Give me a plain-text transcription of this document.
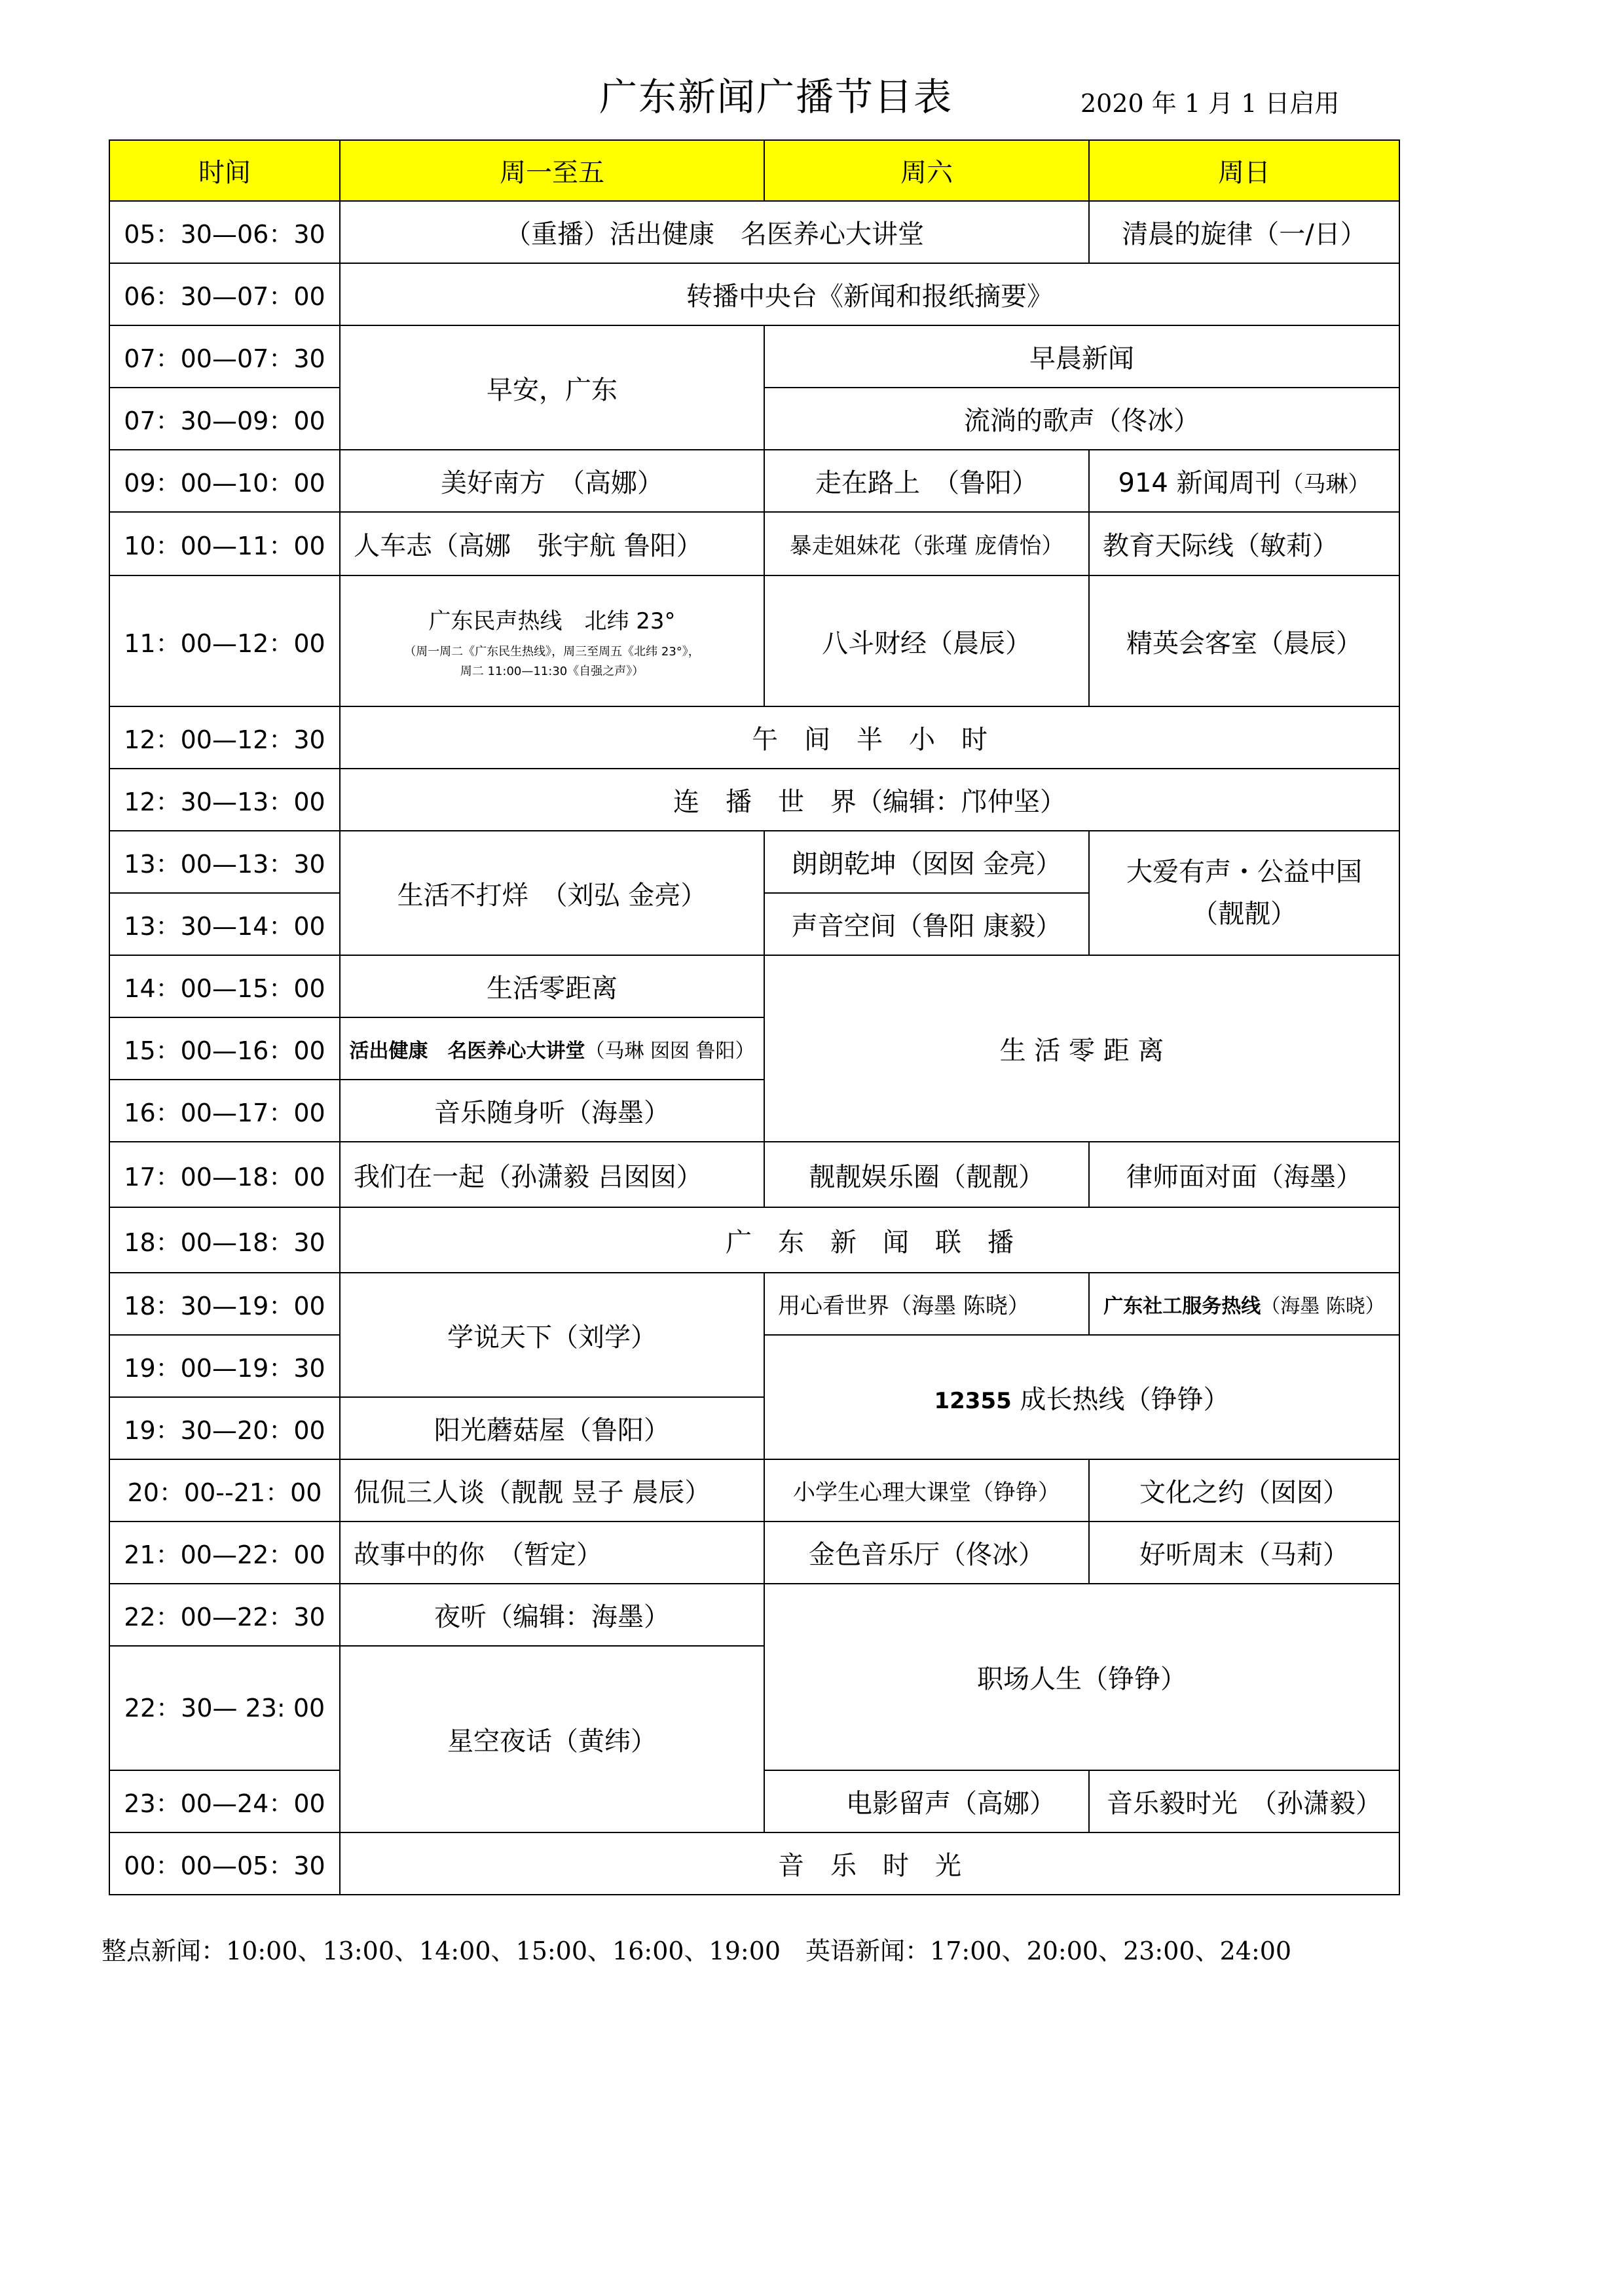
广东新闻广播节目表	2020 年 1 月 1 日启用
时间	周一至五	周六	周日
05：30—06：30	（重播）活出健康　名医养心大讲堂		清晨的旋律（一/日）
06：30—07：00	转播中央台《新闻和报纸摘要》		
07：00—07：30	早安，广东	早晨新闻	
07：30—09：00		流淌的歌声（佟冰）	
09：00—10：00	美好南方　（高娜）	走在路上　（鲁阳）	914 新闻周刊（马琳）
10：00—11：00	人车志（高娜　张宇航 鲁阳）	暴走姐妹花（张瑾 庞倩怡）	教育天际线（敏莉）
11：00—12：00	广东民声热线　北纬 23°
（周一周二《广东民生热线》，周三至周五《北纬 23°》，
周二 11:00—11:30《自强之声》）	八斗财经（晨辰）	精英会客室（晨辰）
12：00—12：30	午　间　半　小　时		
12：30—13：00	连　播　世　界（编辑：邝仲坚）		
13：00—13：30	生活不打烊　（刘弘 金亮）	朗朗乾坤（囡囡 金亮）	大爱有声・公益中国
（靓靓）

13：30—14：00		声音空间（鲁阳 康毅）	
14：00—15：00	生活零距离	生 活 零 距 离	
15：00—16：00	活出健康　名医养心大讲堂（马琳 囡囡 鲁阳）		
16：00—17：00	音乐随身听（海墨）		
17：00—18：00	我们在一起（孙潇毅 吕囡囡）	靓靓娱乐圈（靓靓）	律师面对面（海墨）
18：00—18：30	广　东　新　闻　联　播		
18：30—19：00	学说天下（刘学）	用心看世界（海墨 陈晓）	广东社工服务热线（海墨 陈晓）
19：00—19：30		12355 成长热线（铮铮）	
19：30—20：00	阳光蘑菇屋（鲁阳）		
20：00--21：00	侃侃三人谈（靓靓 昱子 晨辰）	小学生心理大课堂（铮铮）	文化之约（囡囡）
21：00—22：00	故事中的你　（暂定）	金色音乐厅（佟冰）	好听周末（马莉）
22：00—22：30	夜听（编辑：海墨）	职场人生（铮铮）	
22：30— 23: 00	星空夜话（黄纬）		
23：00—24：00		电影留声（高娜）	音乐毅时光　（孙潇毅）
00：00—05：30	音　乐　时　光		
整点新闻：10:00、13:00、14:00、15:00、16:00、19:00　英语新闻：17:00、20:00、23:00、24:00
